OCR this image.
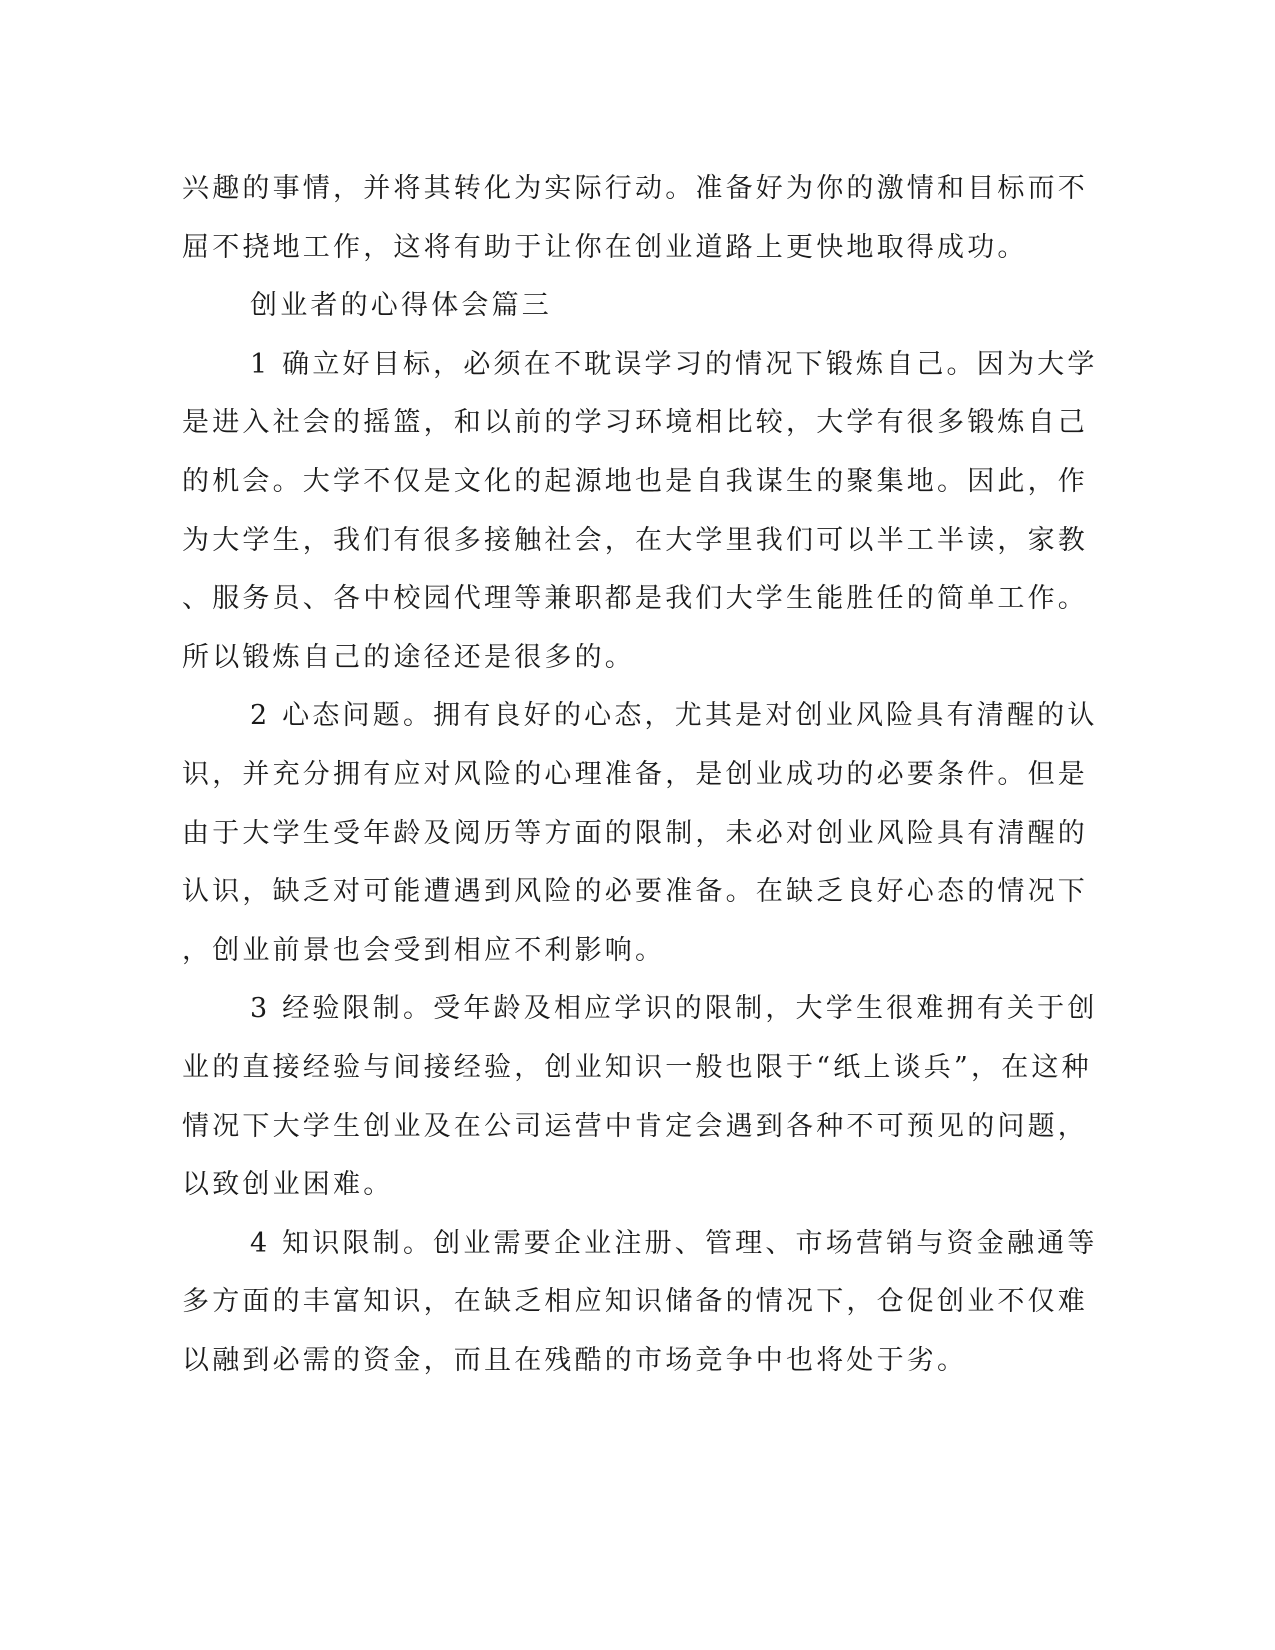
兴趣的事情，并将其转化为实际行动。准备好为你的激情和目标而不
屈不挠地工作，这将有助于让你在创业道路上更快地取得成功。
创业者的心得体会篇三
1 确立好目标，必须在不耽误学习的情况下锻炼自己。因为大学
是进入社会的摇篮，和以前的学习环境相比较，大学有很多锻炼自己
的机会。大学不仅是文化的起源地也是自我谋生的聚集地。因此，作
为大学生，我们有很多接触社会，在大学里我们可以半工半读，家教
、服务员、各中校园代理等兼职都是我们大学生能胜任的简单工作。
所以锻炼自己的途径还是很多的。
2 心态问题。拥有良好的心态，尤其是对创业风险具有清醒的认
识，并充分拥有应对风险的心理准备，是创业成功的必要条件。但是
由于大学生受年龄及阅历等方面的限制，未必对创业风险具有清醒的
认识，缺乏对可能遭遇到风险的必要准备。在缺乏良好心态的情况下
，创业前景也会受到相应不利影响。
3 经验限制。受年龄及相应学识的限制，大学生很难拥有关于创
业的直接经验与间接经验，创业知识一般也限于“纸上谈兵”，在这种
情况下大学生创业及在公司运营中肯定会遇到各种不可预见的问题，
以致创业困难。
4 知识限制。创业需要企业注册、管理、市场营销与资金融通等
多方面的丰富知识，在缺乏相应知识储备的情况下，仓促创业不仅难
以融到必需的资金，而且在残酷的市场竞争中也将处于劣。
